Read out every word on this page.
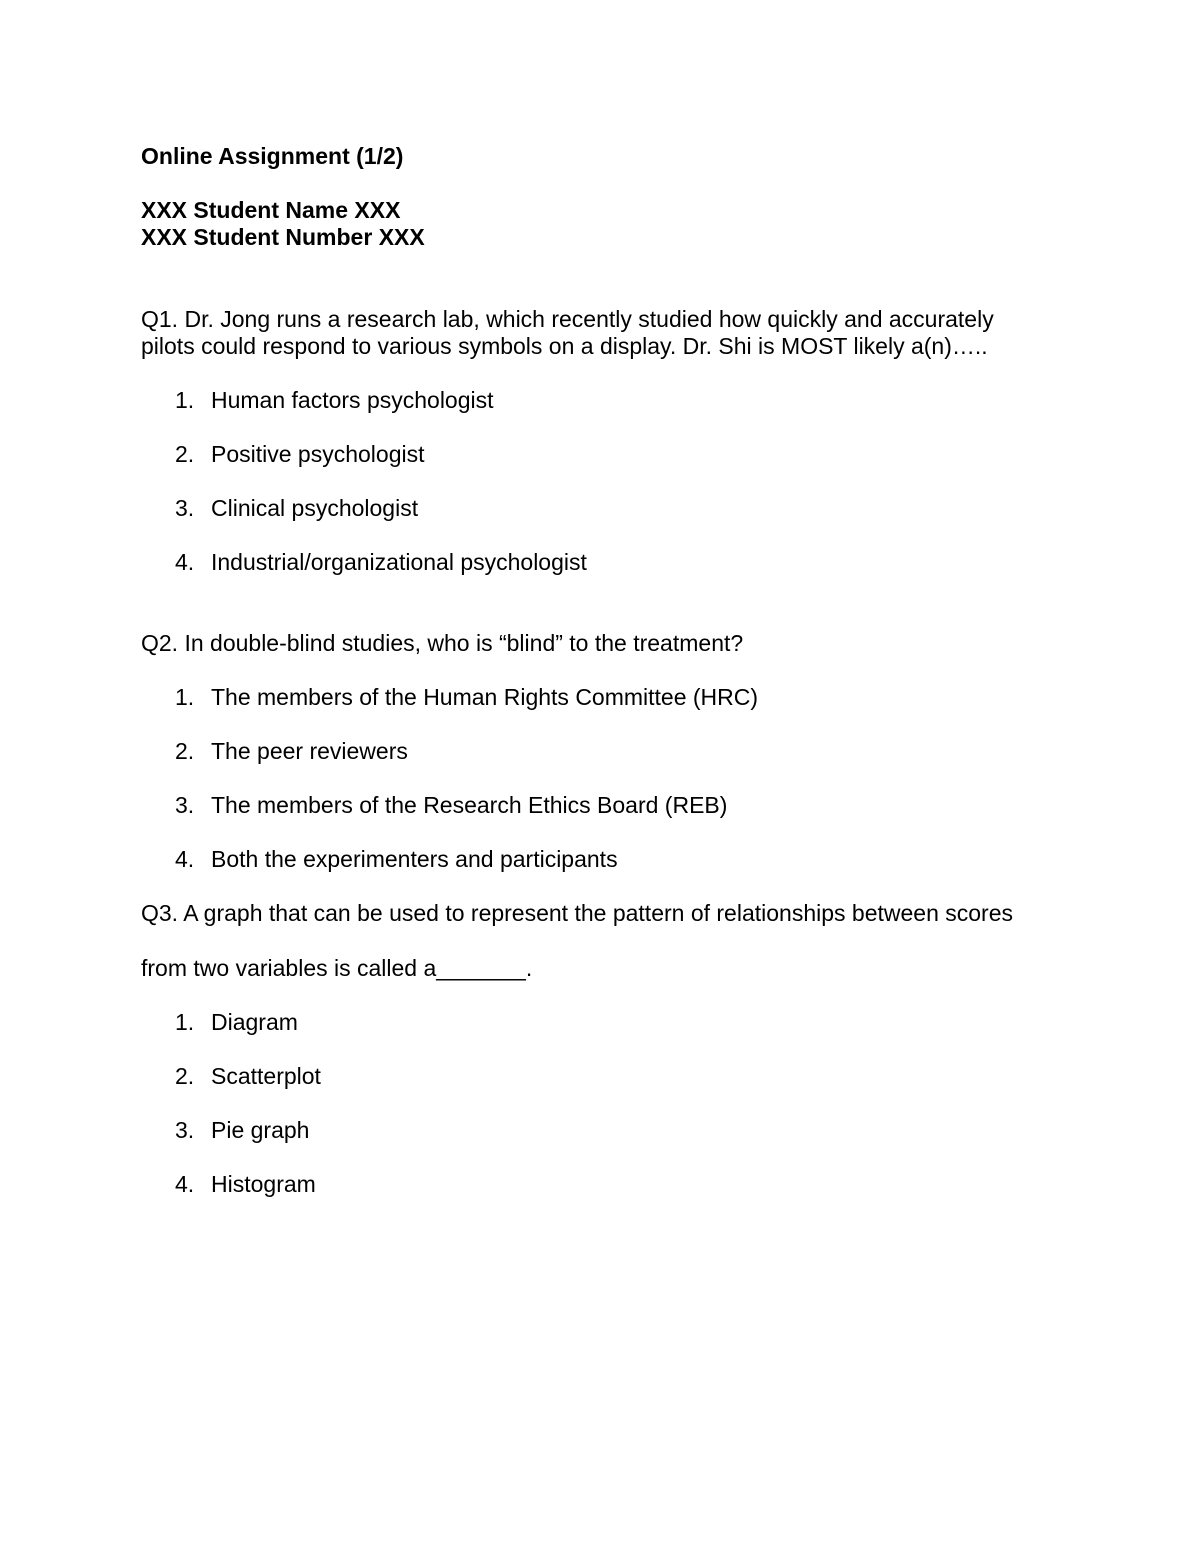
Online Assignment (1/2)
XXX Student Name XXX
XXX Student Number XXX
Q1. Dr. Jong runs a research lab, which recently studied how quickly and accurately
pilots could respond to various symbols on a display. Dr. Shi is MOST likely a(n)…..
1. Human factors psychologist
2. Positive psychologist
3. Clinical psychologist
4. Industrial/organizational psychologist
Q2. In double-blind studies, who is “blind” to the treatment?
1. The members of the Human Rights Committee (HRC)
2. The peer reviewers
3. The members of the Research Ethics Board (REB)
4. Both the experimenters and participants
Q3. A graph that can be used to represent the pattern of relationships between scores
from two variables is called a_______.
1. Diagram
2. Scatterplot
3. Pie graph
4. Histogram
